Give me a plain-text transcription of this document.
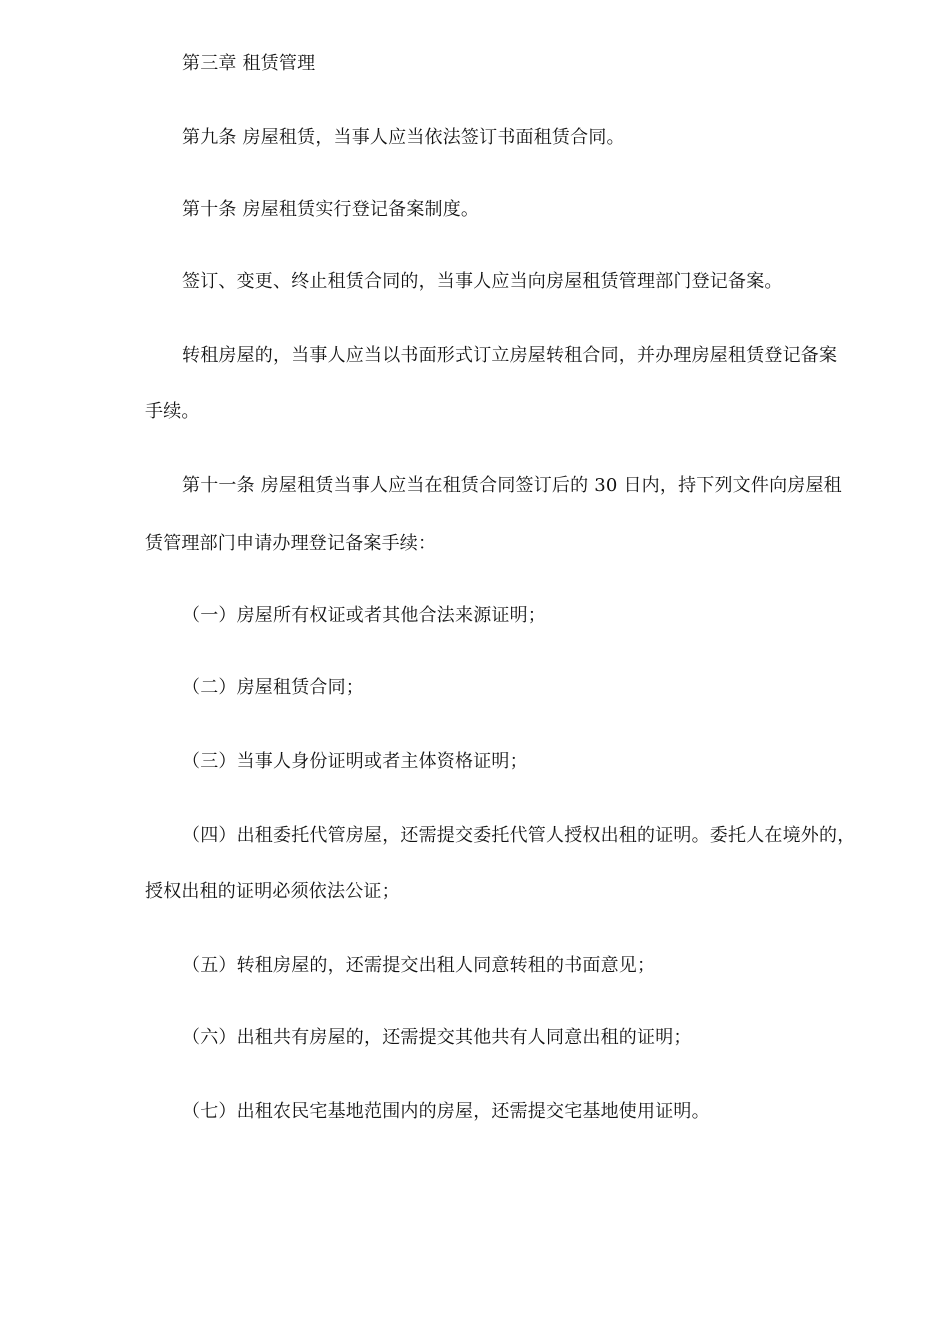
第三章 租赁管理
第九条 房屋租赁，当事人应当依法签订书面租赁合同。
第十条 房屋租赁实行登记备案制度。
签订、变更、终止租赁合同的，当事人应当向房屋租赁管理部门登记备案。
转租房屋的，当事人应当以书面形式订立房屋转租合同，并办理房屋租赁登记备案
手续。
第十一条 房屋租赁当事人应当在租赁合同签订后的 30 日内，持下列文件向房屋租
赁管理部门申请办理登记备案手续：
（一）房屋所有权证或者其他合法来源证明；
（二）房屋租赁合同；
（三）当事人身份证明或者主体资格证明；
（四）出租委托代管房屋，还需提交委托代管人授权出租的证明。委托人在境外的，
授权出租的证明必须依法公证；
（五）转租房屋的，还需提交出租人同意转租的书面意见；
（六）出租共有房屋的，还需提交其他共有人同意出租的证明；
（七）出租农民宅基地范围内的房屋，还需提交宅基地使用证明。
